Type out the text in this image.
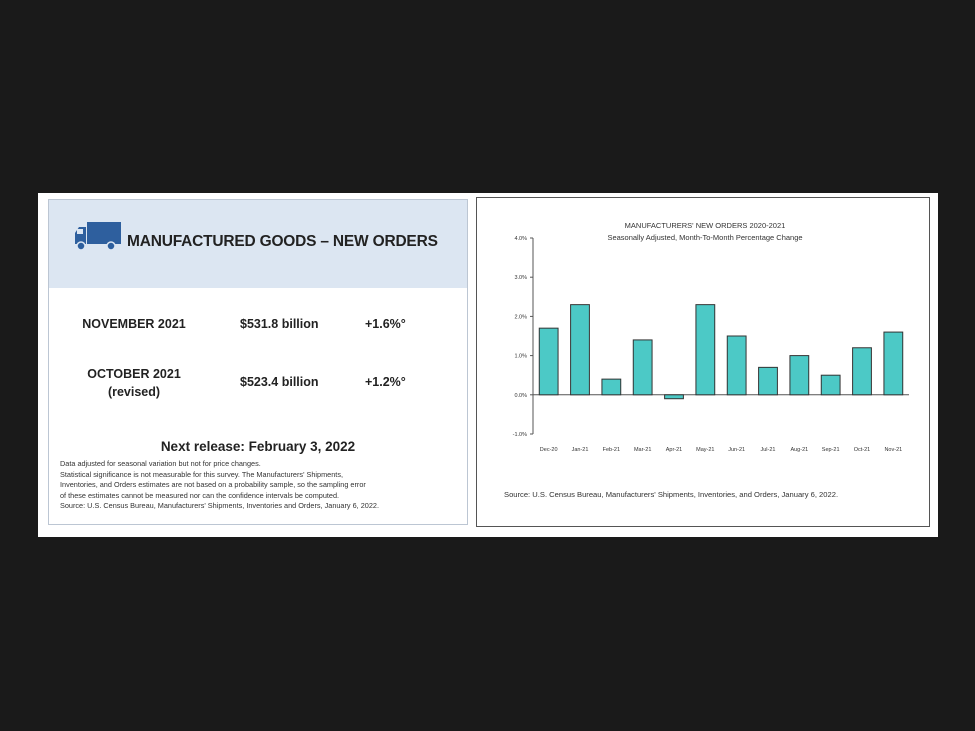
MANUFACTURED GOODS – NEW ORDERS
NOVEMBER 2021	$531.8 billion	+1.6%°
OCTOBER 2021
(revised)
$523.4 billion	+1.2%°
Next release: February 3, 2022
Data adjusted for seasonal variation but not for price changes.
Statistical significance is not measurable for this survey. The Manufacturers' Shipments,
Inventories, and Orders estimates are not based on a probability sample, so the sampling error
of these estimates cannot be measured nor can the confidence intervals be computed.
Source: U.S. Census Bureau, Manufacturers' Shipments, Inventories and Orders, January 6, 2022.
MANUFACTURERS' NEW ORDERS 2020-2021
Seasonally Adjusted, Month-To-Month Percentage Change
4.0%
3.0%
2.0%
1.0%
0.0%
-1.0%
Dec-20	Jan-21	Feb-21	Mar-21	Apr-21	May-21 Jun-21	Jul-21	Aug-21 Sep-21	Oct-21	Nov-21
Source: U.S. Census Bureau, Manufacturers' Shipments, Inventories, and Orders, January 6, 2022.
